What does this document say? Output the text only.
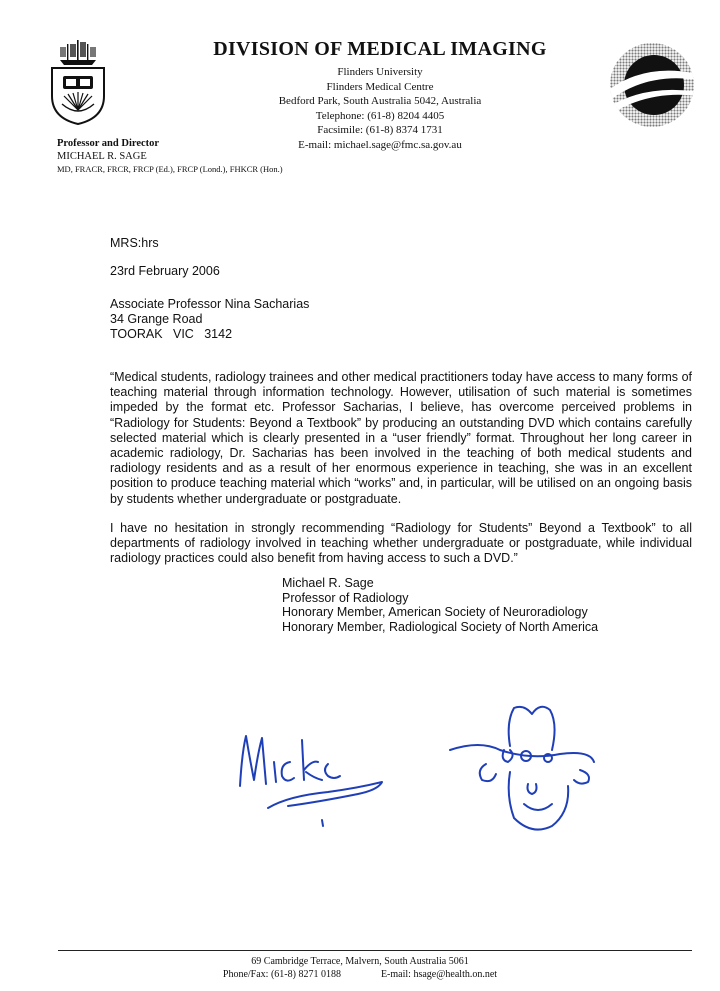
DIVISION OF MEDICAL IMAGING
Flinders University
Flinders Medical Centre
Bedford Park, South Australia 5042, Australia
Telephone: (61-8) 8204 4405
Facsimile: (61-8) 8374 1731
E-mail: michael.sage@fmc.sa.gov.au
Professor and Director
MICHAEL R. SAGE
MD, FRACR, FRCR, FRCP (Ed.), FRCP (Lond.), FHKCR (Hon.)

MRS:hrs

23rd February 2006

Associate Professor Nina Sacharias
34 Grange Road
TOORAK   VIC   3142

“Medical students, radiology trainees and other medical practitioners today have access to many forms of teaching material through information technology. However, utilisation of such material is sometimes impeded by the format etc. Professor Sacharias, I believe, has overcome perceived problems in “Radiology for Students: Beyond a Textbook” by producing an outstanding DVD which contains carefully selected material which is clearly presented in a “user friendly” format. Throughout her long career in academic radiology, Dr. Sacharias has been involved in the teaching of both medical students and radiology residents and as a result of her enormous experience in teaching, she was in an excellent position to produce teaching material which “works” and, in particular, will be utilised on an ongoing basis by students whether undergraduate or postgraduate.

I have no hesitation in strongly recommending “Radiology for Students” Beyond a Textbook” to all departments of radiology involved in teaching whether undergraduate or postgraduate, while individual radiology practices could also benefit from having access to such a DVD.”

Michael R. Sage
Professor of Radiology
Honorary Member, American Society of Neuroradiology
Honorary Member, Radiological Society of North America
69 Cambridge Terrace, Malvern, South Australia 5061
Phone/Fax: (61-8) 8271 0188	E-mail: hsage@health.on.net
